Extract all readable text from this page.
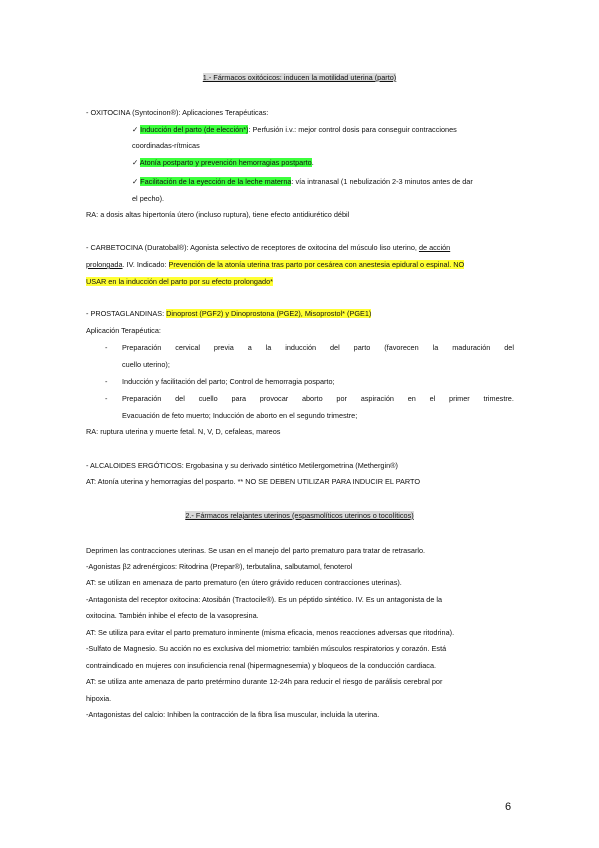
1.- Fármacos oxitócicos: inducen la motilidad uterina (parto)
- OXITOCINA (Syntocinon®): Aplicaciones Terapéuticas:
✓ Inducción del parto (de elección*): Perfusión i.v.: mejor control dosis para conseguir contracciones
coordinadas-rítmicas
✓ Atonía postparto y prevención hemorragias postparto.
✓ Facilitación de la eyección de la leche materna: vía intranasal (1 nebulización 2-3 minutos antes de dar
el pecho).
RA: a dosis altas hipertonía útero (incluso ruptura), tiene efecto antidiurético débil
- CARBETOCINA (Duratobal®): Agonista selectivo de receptores de oxitocina del músculo liso uterino, de acción
prolongada. IV. Indicado: Prevención de la atonía uterina tras parto por cesárea con anestesia epidural o espinal. NO
USAR en la inducción del parto por su efecto prolongado*
- PROSTAGLANDINAS: Dinoprost (PGF2) y Dinoprostona (PGE2), Misoprostol* (PGE1)
Aplicación Terapéutica:
- Preparación cervical previa a la inducción del parto (favorecen la maduración del
cuello uterino);
- Inducción y facilitación del parto; Control de hemorragia posparto;
- Preparación del cuello para provocar aborto por aspiración en el primer trimestre.
Evacuación de feto muerto; Inducción de aborto en el segundo trimestre;
RA: ruptura uterina y muerte fetal. N, V, D, cefaleas, mareos
- ALCALOIDES ERGÓTICOS: Ergobasina y su derivado sintético Metilergometrina (Methergin®)
AT: Atonía uterina y hemorragias del posparto. ** NO SE DEBEN UTILIZAR PARA INDUCIR EL PARTO
2.- Fármacos relajantes uterinos (espasmolíticos uterinos o tocolíticos)
Deprimen las contracciones uterinas. Se usan en el manejo del parto prematuro para tratar de retrasarlo.
-Agonistas β2 adrenérgicos: Ritodrina (Prepar®), terbutalina, salbutamol, fenoterol
AT: se utilizan en amenaza de parto prematuro (en útero grávido reducen contracciones uterinas).
-Antagonista del receptor oxitocina: Atosibán (Tractocile®). Es un péptido sintético. IV. Es un antagonista de la
oxitocina. También inhibe el efecto de la vasopresina.
AT: Se utiliza para evitar el parto prematuro inminente (misma eficacia, menos reacciones adversas que ritodrina).
-Sulfato de Magnesio. Su acción no es exclusiva del miometrio: también músculos respiratorios y corazón. Está
contraindicado en mujeres con insuficiencia renal (hipermagnesemia) y bloqueos de la conducción cardiaca.
AT: se utiliza ante amenaza de parto pretérmino durante 12-24h para reducir el riesgo de parálisis cerebral por
hipoxia.
-Antagonistas del calcio: Inhiben la contracción de la fibra lisa muscular, incluida la uterina.
6
